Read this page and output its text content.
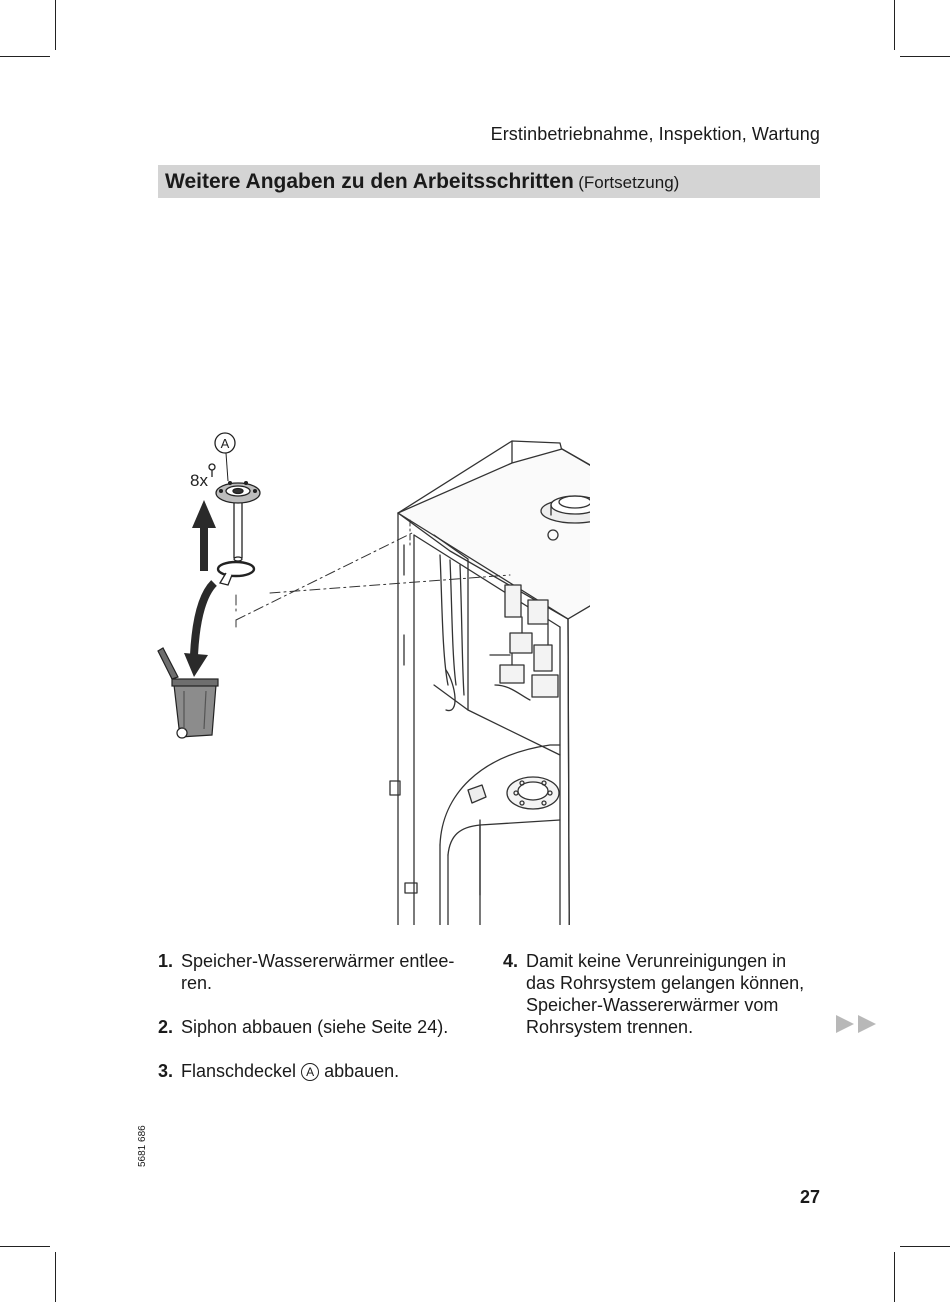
Erstinbetriebnahme, Inspektion, Wartung
Weitere Angaben zu den Arbeitsschritten (Fortsetzung)
A
8x
1. Speicher-Wassererwärmer entlee-
ren.
2. Siphon abbauen (siehe Seite 24).
3. Flanschdeckel A abbauen.
4. Damit keine Verunreinigungen in
das Rohrsystem gelangen können,
Speicher-Wassererwärmer vom
Rohrsystem trennen.
5681 686
27
